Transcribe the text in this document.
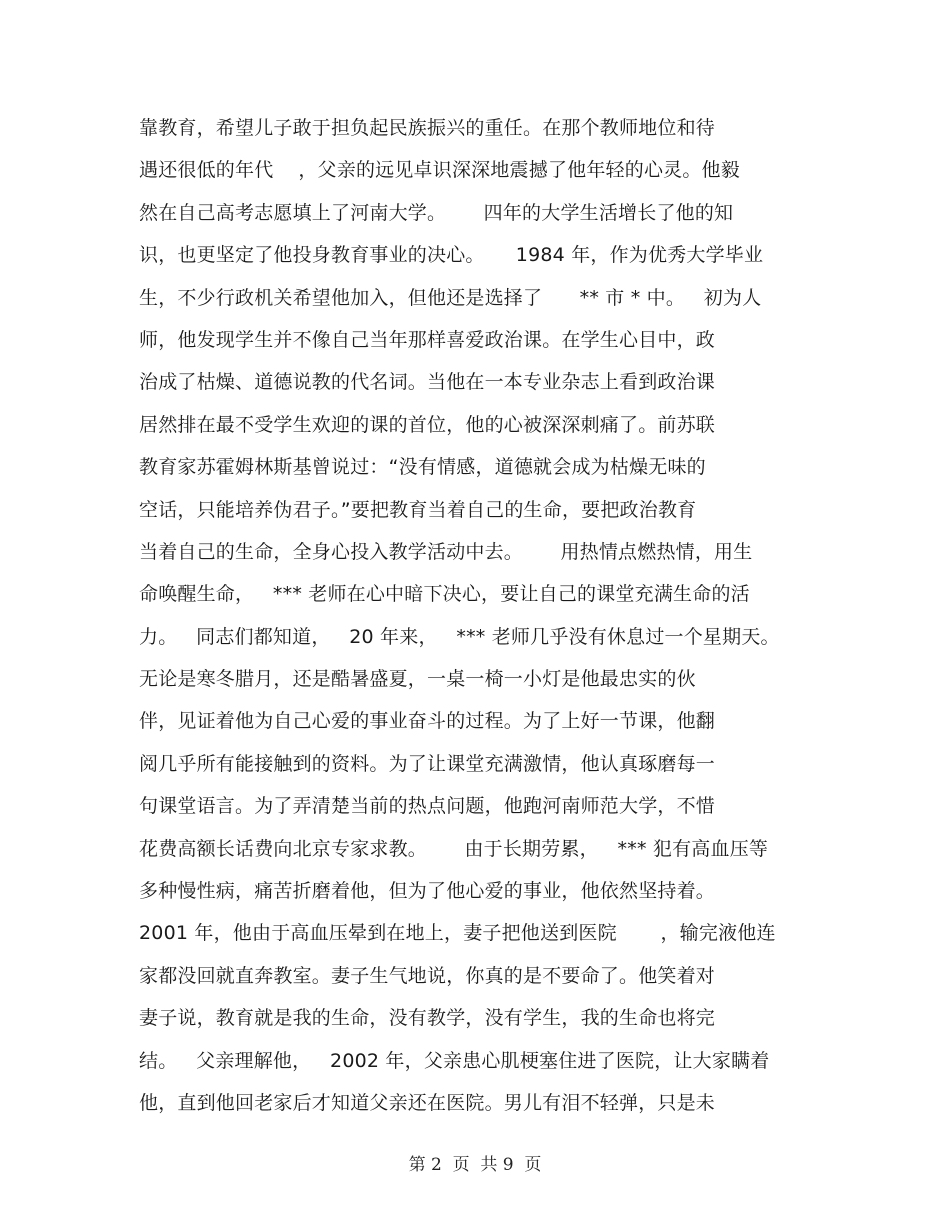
靠教育，希望儿子敢于担负起民族振兴的重任。在那个教师地位和待
遇还很低的年代    ，父亲的远见卓识深深地震撼了他年轻的心灵。他毅
然在自己高考志愿填上了河南大学。      四年的大学生活增长了他的知
识，也更坚定了他投身教育事业的决心。     1984 年，作为优秀大学毕业
生，不少行政机关希望他加入，但他还是选择了      ** 市 * 中。   初为人
师，他发现学生并不像自己当年那样喜爱政治课。在学生心目中，政
治成了枯燥、道德说教的代名词。当他在一本专业杂志上看到政治课
居然排在最不受学生欢迎的课的首位，他的心被深深刺痛了。前苏联
教育家苏霍姆林斯基曾说过：“没有情感，道德就会成为枯燥无味的
空话，只能培养伪君子。”要把教育当着自己的生命，要把政治教育
当着自己的生命，全身心投入教学活动中去。      用热情点燃热情，用生
命唤醒生命，   *** 老师在心中暗下决心，要让自己的课堂充满生命的活
力。   同志们都知道，   20 年来，   *** 老师几乎没有休息过一个星期天。
无论是寒冬腊月，还是酷暑盛夏，一桌一椅一小灯是他最忠实的伙
伴，见证着他为自己心爱的事业奋斗的过程。为了上好一节课，他翻
阅几乎所有能接触到的资料。为了让课堂充满激情，他认真琢磨每一
句课堂语言。为了弄清楚当前的热点问题，他跑河南师范大学，不惜
花费高额长话费向北京专家求教。      由于长期劳累，   *** 犯有高血压等
多种慢性病，痛苦折磨着他，但为了他心爱的事业，他依然坚持着。
2001 年，他由于高血压晕到在地上，妻子把他送到医院       ，输完液他连
家都没回就直奔教室。妻子生气地说，你真的是不要命了。他笑着对
妻子说，教育就是我的生命，没有教学，没有学生，我的生命也将完
结。   父亲理解他，   2002 年，父亲患心肌梗塞住进了医院，让大家瞒着
他，直到他回老家后才知道父亲还在医院。男儿有泪不轻弹，只是未
第 2  页  共 9  页
